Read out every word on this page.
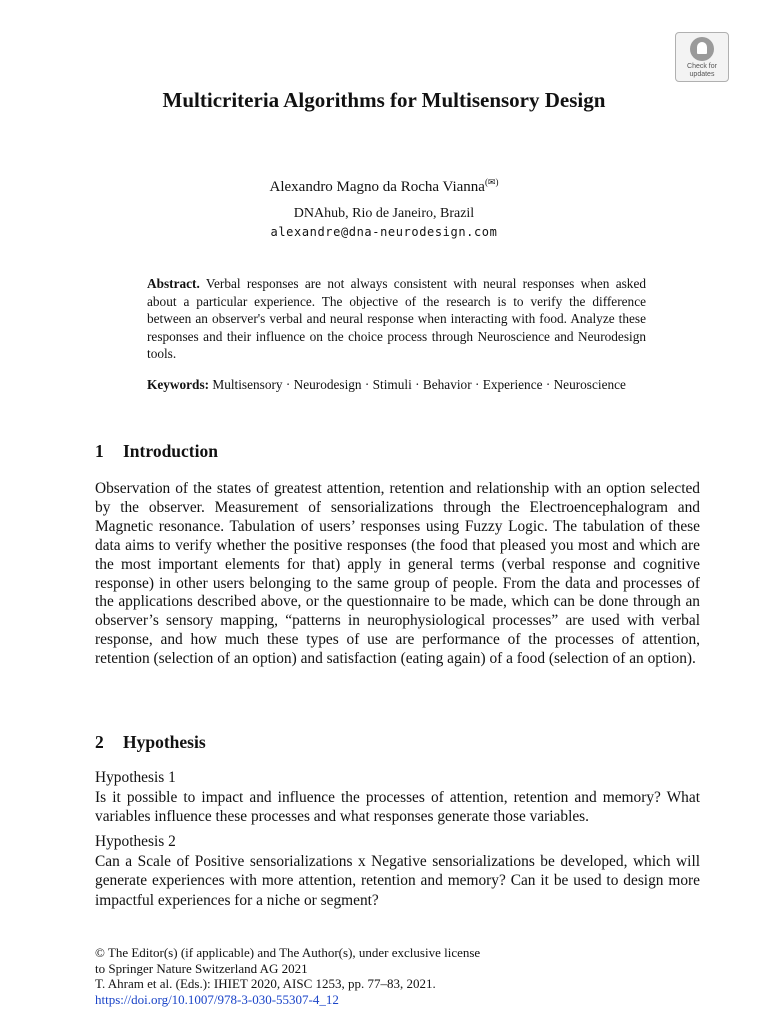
Check for
updates
Multicriteria Algorithms for Multisensory Design
Alexandro Magno da Rocha Vianna(✉)
DNAhub, Rio de Janeiro, Brazil
alexandre@dna-neurodesign.com

Abstract. Verbal responses are not always consistent with neural responses when asked about a particular experience. The objective of the research is to verify the difference between an observer's verbal and neural response when interacting with food. Analyze these responses and their influence on the choice process through Neuroscience and Neurodesign tools.

Keywords: Multisensory · Neurodesign · Stimuli · Behavior · Experience · Neuroscience

1 Introduction

Observation of the states of greatest attention, retention and relationship with an option selected by the observer. Measurement of sensorializations through the Electroencephalogram and Magnetic resonance. Tabulation of users’ responses using Fuzzy Logic. The tabulation of these data aims to verify whether the positive responses (the food that pleased you most and which are the most important elements for that) apply in general terms (verbal response and cognitive response) in other users belonging to the same group of people. From the data and processes of the applications described above, or the questionnaire to be made, which can be done through an observer’s sensory mapping, “patterns in neurophysiological processes” are used with verbal response, and how much these types of use are performance of the processes of attention, retention (selection of an option) and satisfaction (eating again) of a food (selection of an option).

2 Hypothesis

Hypothesis 1

Is it possible to impact and influence the processes of attention, retention and memory? What variables influence these processes and what responses generate those variables.

Hypothesis 2

Can a Scale of Positive sensorializations x Negative sensorializations be developed, which will generate experiences with more attention, retention and memory? Can it be used to design more impactful experiences for a niche or segment?

© The Editor(s) (if applicable) and The Author(s), under exclusive license
to Springer Nature Switzerland AG 2021
T. Ahram et al. (Eds.): IHIET 2020, AISC 1253, pp. 77–83, 2021.
https://doi.org/10.1007/978-3-030-55307-4_12
